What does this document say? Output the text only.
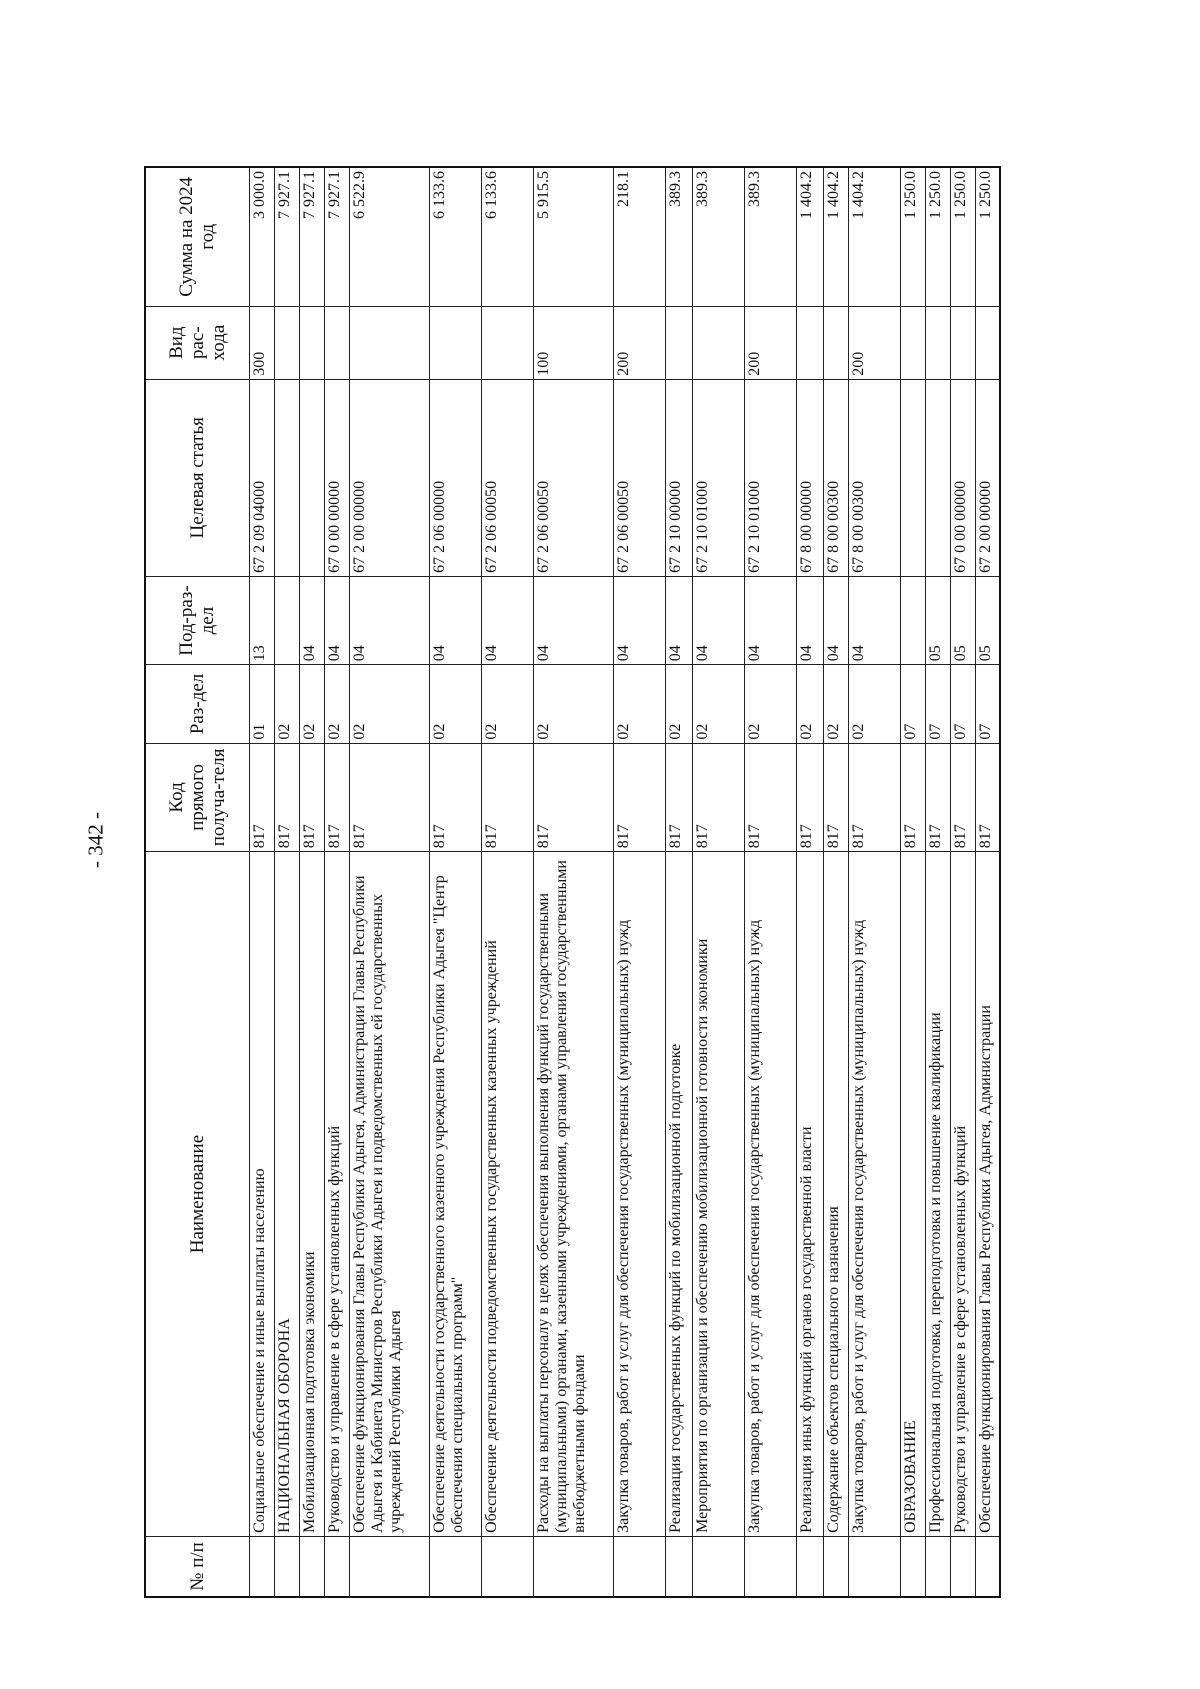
- 342 -
№ п/п	Наименование	Код прямого получа-теля	Раз-дел	Под-раз-дел	Целевая статья	Вид рас-хода	Сумма на 2024 год
	Социальное обеспечение и иные выплаты населению	817	01	13	67 2 09 04000	300	3 000.0
	НАЦИОНАЛЬНАЯ ОБОРОНА	817	02				7 927.1
	Мобилизационная подготовка экономики	817	02	04			7 927.1
	Руководство и управление в сфере установленных функций	817	02	04	67 0 00 00000		7 927.1
	Обеспечение функционирования Главы Республики Адыгея, Администрации Главы Республики Адыгея и Кабинета Министров Республики Адыгея и подведомственных ей государственных учреждений Республики Адыгея	817	02	04	67 2 00 00000		6 522.9
	Обеспечение деятельности государственного казенного учреждения Республики Адыгея "Центр обеспечения специальных программ"	817	02	04	67 2 06 00000		6 133.6
	Обеспечение деятельности подведомственных государственных казенных учреждений	817	02	04	67 2 06 00050		6 133.6
	Расходы на выплаты персоналу в целях обеспечения выполнения функций государственными (муниципальными) органами, казенными учреждениями, органами управления государственными внебюджетными фондами	817	02	04	67 2 06 00050	100	5 915.5
	Закупка товаров, работ и услуг для обеспечения государственных (муниципальных) нужд	817	02	04	67 2 06 00050	200	218.1
	Реализация государственных функций по мобилизационной подготовке	817	02	04	67 2 10 00000		389.3
	Мероприятия по организации и обеспечению мобилизационной готовности экономики	817	02	04	67 2 10 01000		389.3
	Закупка товаров, работ и услуг для обеспечения государственных (муниципальных) нужд	817	02	04	67 2 10 01000	200	389.3
	Реализация иных функций органов государственной власти	817	02	04	67 8 00 00000		1 404.2
	Содержание объектов специального назначения	817	02	04	67 8 00 00300		1 404.2
	Закупка товаров, работ и услуг для обеспечения государственных (муниципальных) нужд	817	02	04	67 8 00 00300	200	1 404.2
	ОБРАЗОВАНИЕ	817	07				1 250.0
	Профессиональная подготовка, переподготовка и повышение квалификации	817	07	05			1 250.0
	Руководство и управление в сфере установленных функций	817	07	05	67 0 00 00000		1 250.0
	Обеспечение функционирования Главы Республики Адыгея, Администрации	817	07	05	67 2 00 00000		1 250.0
